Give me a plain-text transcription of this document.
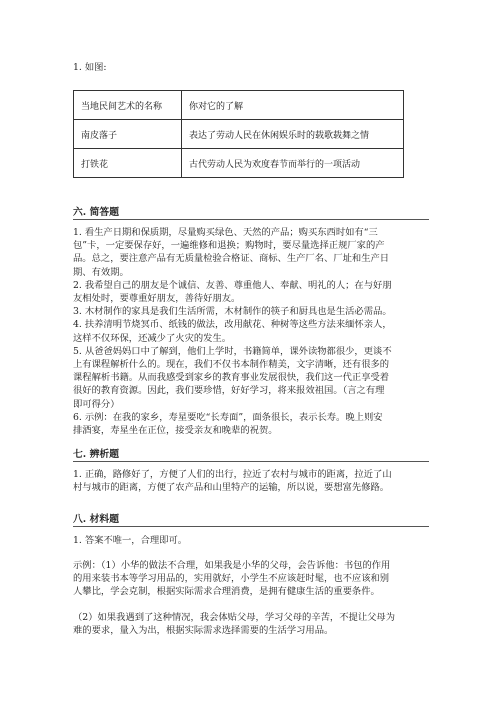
1. 如图:
当地民间艺术的名称	你对它的了解
南皮落子	表达了劳动人民在休闲娱乐时的载歌载舞之情
打铁花	古代劳动人民为欢度春节而举行的一项活动
六. 简答题
1. 看生产日期和保质期，尽量购买绿色、天然的产品；购买东西时如有“三
包”卡，一定要保存好，一遍维修和退换；购物时，要尽量选择正规厂家的产
品。总之，要注意产品有无质量检验合格证、商标、生产厂名、厂址和生产日
期、有效期。
2. 我希望自己的朋友是个诚信、友善、尊重他人、奉献、明礼的人；在与好朋
友相处时，要尊重好朋友，善待好朋友。
3. 木材制作的家具是我们生活所需，木材制作的筷子和厨具也是生活必需品。
4. 扶养清明节烧冥币、纸钱的做法，改用献花、种树等这些方法来缅怀亲人，
这样不仅环保，还减少了火灾的发生。
5. 从爸爸妈妈口中了解到，他们上学时，书籍简单，课外读物都很少，更谈不
上有课程解析什么的。现在，我们不仅书本制作精美，文字清晰，还有很多的
课程解析书籍。从而我感受到家乡的教育事业发展很快，我们这一代正享受着
很好的教育资源。因此，我们要珍惜，好好学习，将来报效祖国。（言之有理
即可得分）
6. 示例：在我的家乡，寿星要吃“长寿面”，面条很长，表示长寿。晚上则安
排酒宴，寿星坐在正位，接受亲友和晚辈的祝贺。
七. 辨析题
1. 正确，路修好了，方便了人们的出行，拉近了农村与城市的距离，拉近了山
村与城市的距离，方便了农产品和山里特产的运输，所以说，要想富先修路。
八. 材料题
1. 答案不唯一，合理即可。
示例：（1）小华的做法不合理，如果我是小华的父母，会告诉他：书包的作用
的用来装书本等学习用品的，实用就好，小学生不应该赶时髦，也不应该和别
人攀比，学会克制，根据实际需求合理消费，是拥有健康生活的重要条件。
（2）如果我遇到了这种情况，我会体贴父母，学习父母的辛苦，不提让父母为
难的要求，量入为出，根据实际需求选择需要的生活学习用品。
